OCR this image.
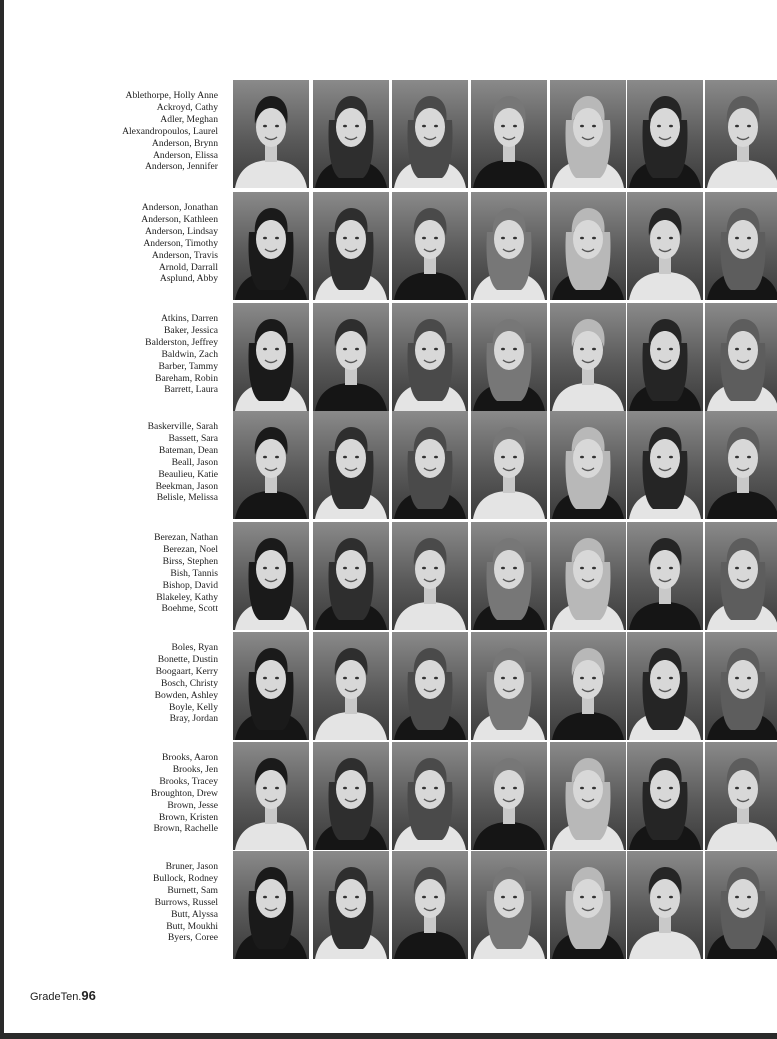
Ablethorpe, Holly Anne
Ackroyd, Cathy
Adler, Meghan
Alexandropoulos, Laurel
Anderson, Brynn
Anderson, Elissa
Anderson, Jennifer
Anderson, Jonathan
Anderson, Kathleen
Anderson, Lindsay
Anderson, Timothy
Anderson, Travis
Arnold, Darrall
Asplund, Abby
Atkins, Darren
Baker, Jessica
Balderston, Jeffrey
Baldwin, Zach
Barber, Tammy
Bareham, Robin
Barrett, Laura
Baskerville, Sarah
Bassett, Sara
Bateman, Dean
Beall, Jason
Beaulieu, Katie
Beekman, Jason
Belisle, Melissa
Berezan, Nathan
Berezan, Noel
Birss, Stephen
Bish, Tannis
Bishop, David
Blakeley, Kathy
Boehme, Scott
Boles, Ryan
Bonette, Dustin
Boogaart, Kerry
Bosch, Christy
Bowden, Ashley
Boyle, Kelly
Bray, Jordan
Brooks, Aaron
Brooks, Jen
Brooks, Tracey
Broughton, Drew
Brown, Jesse
Brown, Kristen
Brown, Rachelle
Bruner, Jason
Bullock, Rodney
Burnett, Sam
Burrows, Russel
Butt, Alyssa
Butt, Moukhi
Byers, Coree
GradeTen.96
